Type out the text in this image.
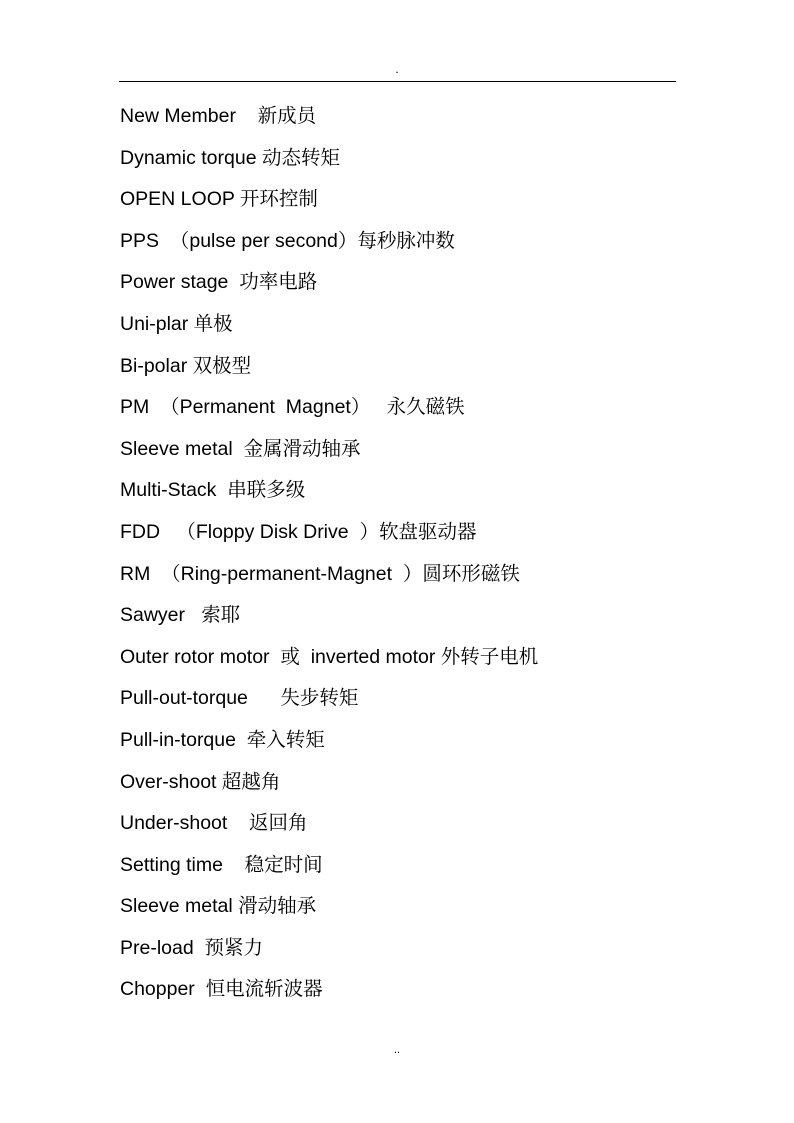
.
New Member    新成员
Dynamic torque 动态转矩
OPEN LOOP 开环控制
PPS  （pulse per second）每秒脉冲数
Power stage  功率电路
Uni-plar 单极
Bi-polar 双极型
PM  （Permanent  Magnet）   永久磁铁
Sleeve metal  金属滑动轴承
Multi-Stack  串联多级
FDD   （Floppy Disk Drive  ）软盘驱动器
RM  （Ring-permanent-Magnet  ）圆环形磁铁
Sawyer   索耶
Outer rotor motor  或  inverted motor 外转子电机
Pull-out-torque      失步转矩
Pull-in-torque  牵入转矩
Over-shoot 超越角
Under-shoot    返回角
Setting time    稳定时间
Sleeve metal 滑动轴承
Pre-load  预紧力
Chopper  恒电流斩波器
..
